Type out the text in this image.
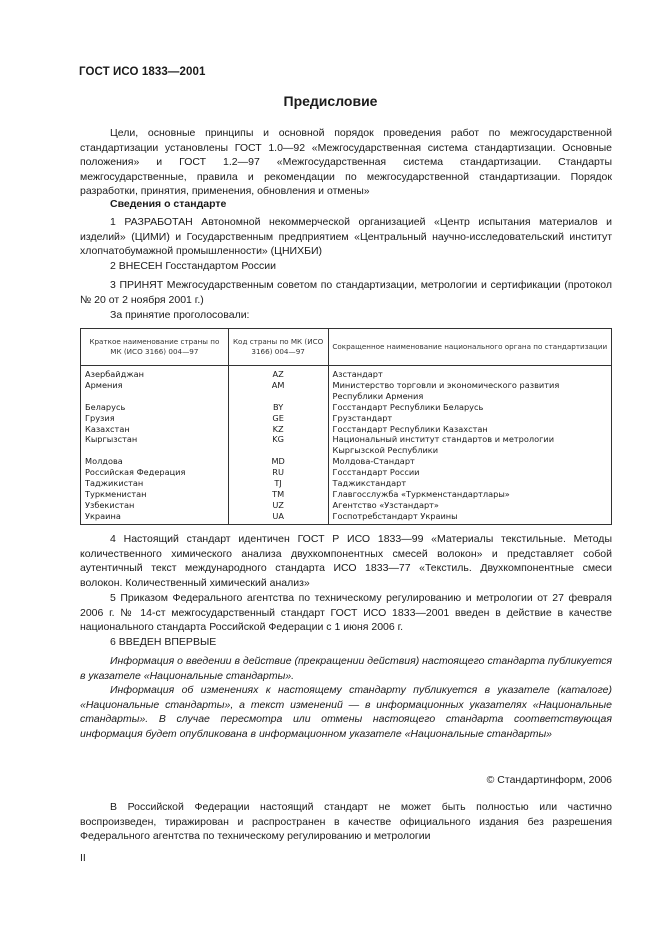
ГОСТ ИСО 1833—2001
Предисловие
Цели, основные принципы и основной порядок проведения работ по межгосударственной стандартизации установлены ГОСТ 1.0—92 «Межгосударственная система стандартизации. Основные положения» и ГОСТ 1.2—97 «Межгосударственная система стандартизации. Стандарты межгосударственные, правила и рекомендации по межгосударственной стандартизации. Порядок разработки, принятия, применения, обновления и отмены»
Сведения о стандарте
1 РАЗРАБОТАН Автономной некоммерческой организацией «Центр испытания материалов и изделий» (ЦИМИ) и Государственным предприятием «Центральный научно-исследовательский институт хлопчатобумажной промышленности» (ЦНИХБИ)
2 ВНЕСЕН Госстандартом России
3 ПРИНЯТ Межгосударственным советом по стандартизации, метрологии и сертификации (протокол № 20 от 2 ноября 2001 г.)
За принятие проголосовали:
Краткое наименование страны по МК (ИСО 3166) 004—97	Код страны по МК (ИСО 3166) 004—97	Сокращенное наименование национального органа по стандартизации
Азербайджан	AZ	Азстандарт
Армения	AM	Министерство торговли и экономического развития Республики Армения
Беларусь	BY	Госстандарт Республики Беларусь
Грузия	GE	Грузстандарт
Казахстан	KZ	Госстандарт Республики Казахстан
Кыргызстан	KG	Национальный институт стандартов и метрологии Кыргызской Республики
Молдова	MD	Молдова-Стандарт
Российская Федерация	RU	Госстандарт России
Таджикистан	TJ	Таджикстандарт
Туркменистан	TM	Главгосслужба «Туркменстандартлары»
Узбекистан	UZ	Агентство «Узстандарт»
Украина	UA	Госпотребстандарт Украины
4 Настоящий стандарт идентичен ГОСТ Р ИСО 1833—99 «Материалы текстильные. Методы количественного химического анализа двухкомпонентных смесей волокон» и представляет собой аутентичный текст международного стандарта ИСО 1833—77 «Текстиль. Двухкомпонентные смеси волокон. Количественный химический анализ»
5 Приказом Федерального агентства по техническому регулированию и метрологии от 27 февраля 2006 г. № 14-ст межгосударственный стандарт ГОСТ ИСО 1833—2001 введен в действие в качестве национального стандарта Российской Федерации с 1 июня 2006 г.
6 ВВЕДЕН ВПЕРВЫЕ
Информация о введении в действие (прекращении действия) настоящего стандарта публикуется в указателе «Национальные стандарты».
Информация об изменениях к настоящему стандарту публикуется в указателе (каталоге) «Национальные стандарты», а текст изменений — в информационных указателях «Национальные стандарты». В случае пересмотра или отмены настоящего стандарта соответствующая информация будет опубликована в информационном указателе «Национальные стандарты»
© Стандартинформ, 2006
В Российской Федерации настоящий стандарт не может быть полностью или частично воспроизведен, тиражирован и распространен в качестве официального издания без разрешения Федерального агентства по техническому регулированию и метрологии
II
